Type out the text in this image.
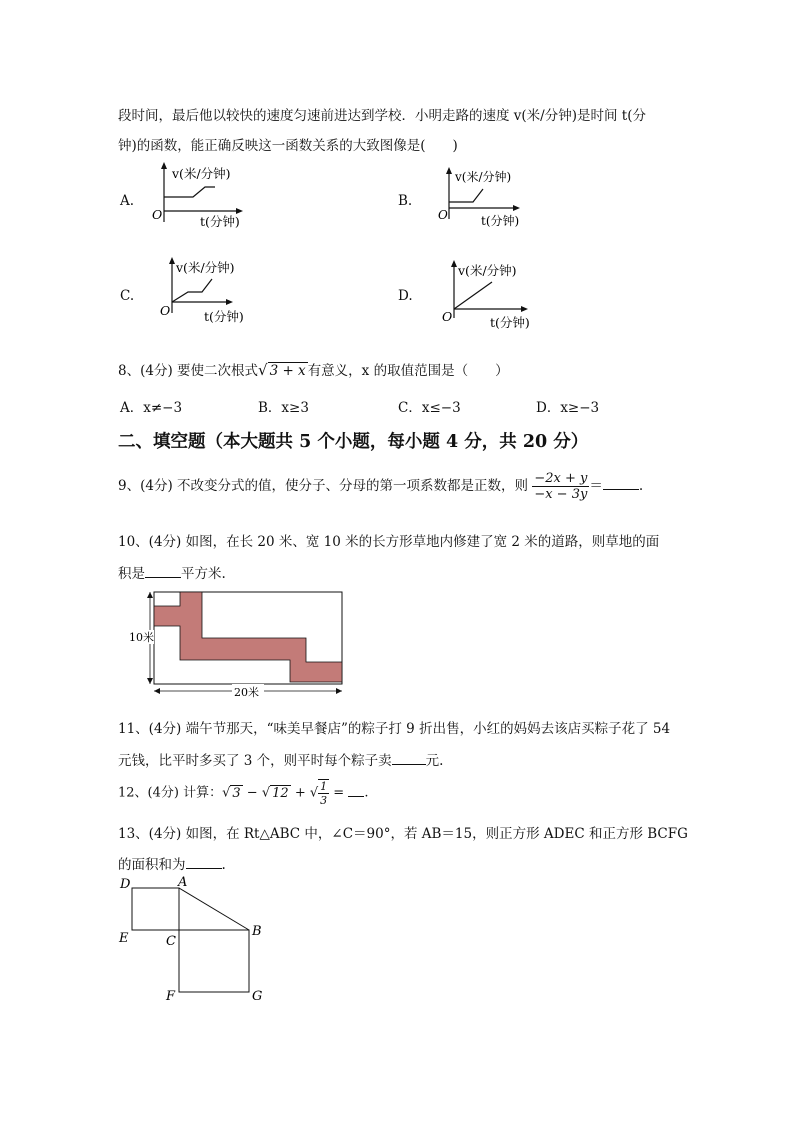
段时间，最后他以较快的速度匀速前进达到学校．小明走路的速度 v(米/分钟)是时间 t(分
钟)的函数，能正确反映这一函数关系的大致图像是(　　)
A.
v(米/分钟)
O	t(分钟)
B.
v(米/分钟)
O	t(分钟)
C.
v(米/分钟)
O	t(分钟)
D.
v(米/分钟)
O	t(分钟)
8、(4分) 要使二次根式√ 3 + x 有意义，x 的取值范围是（　　）
A．x≠−3	B．x≥3	C．x≤−3	D．x≥−3
二、填空题（本大题共 5 个小题，每小题 4 分，共 20 分）
9、(4分) 不改变分式的值，使分子、分母的第一项系数都是正数，则 $\frac{-2x + y}{-x - 3y}$ ＝	.
10、(4分) 如图，在长 20 米、宽 10 米的长方形草地内修建了宽 2 米的道路，则草地的面
积是	平方米.
10米
20米
11、(4分) 端午节那天，“味美早餐店”的粽子打 9 折出售，小红的妈妈去该店买粽子花了 54
元钱，比平时多买了 3 个，则平时每个粽子卖	元.
12、(4分) 计算：√ 3 − √ 12 + √ $\frac{1}{3}$ = .
13、(4分) 如图，在 Rt△ABC 中，∠C＝90°，若 AB＝15，则正方形 ADEC 和正方形 BCFG
的面积和为	.
D	A
E	C
B
F	G
